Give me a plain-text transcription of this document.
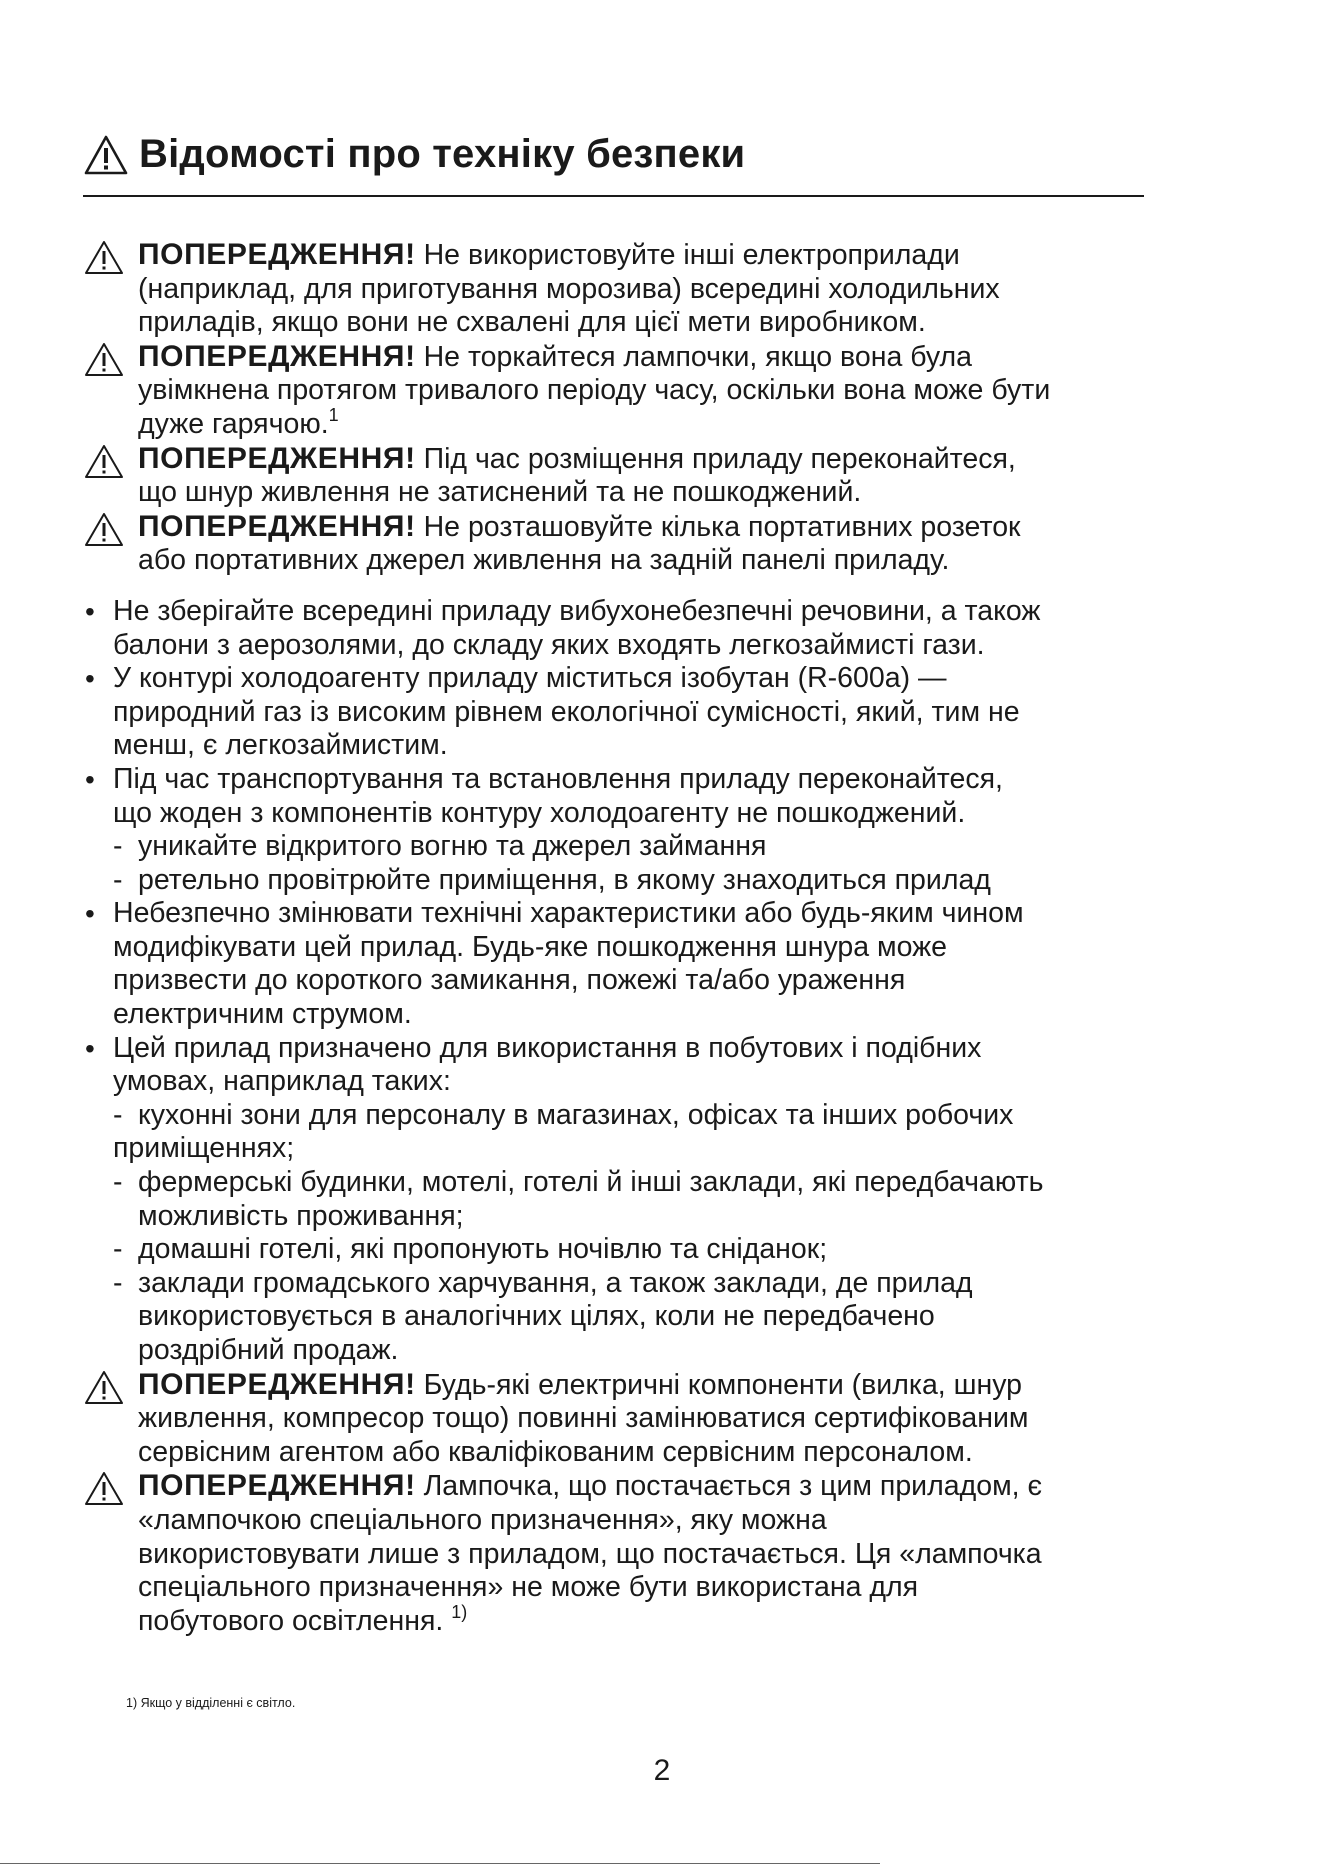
Відомості про техніку безпеки
ПОПЕРЕДЖЕННЯ! Не використовуйте інші електроприлади
(наприклад, для приготування морозива) всередині холодильних
приладів, якщо вони не схвалені для цієї мети виробником.
ПОПЕРЕДЖЕННЯ! Не торкайтеся лампочки, якщо вона була
увімкнена протягом тривалого періоду часу, оскільки вона може бути
дуже гарячою.$^1$
ПОПЕРЕДЖЕННЯ! Під час розміщення приладу переконайтеся,
що шнур живлення не затиснений та не пошкоджений.
ПОПЕРЕДЖЕННЯ! Не розташовуйте кілька портативних розеток
або портативних джерел живлення на задній панелі приладу.
• Не зберігайте всередині приладу вибухонебезпечні речовини, а також
балони з аерозолями, до складу яких входять легкозаймисті гази.
• У контурі холодоагенту приладу міститься ізобутан (R-600a) —
природний газ із високим рівнем екологічної сумісності, який, тим не
менш, є легкозаймистим.
• Під час транспортування та встановлення приладу переконайтеся,
що жоден з компонентів контуру холодоагенту не пошкоджений.
- уникайте відкритого вогню та джерел займання
- ретельно провітрюйте приміщення, в якому знаходиться прилад
• Небезпечно змінювати технічні характеристики або будь-яким чином
модифікувати цей прилад. Будь-яке пошкодження шнура може
призвести до короткого замикання, пожежі та/або ураження
електричним струмом.
• Цей прилад призначено для використання в побутових і подібних
умовах, наприклад таких:
- кухонні зони для персоналу в магазинах, офісах та інших робочих
приміщеннях;
- фермерські будинки, мотелі, готелі й інші заклади, які передбачають
можливість проживання;
- домашні готелі, які пропонують ночівлю та сніданок;
- заклади громадського харчування, а також заклади, де прилад
використовується в аналогічних цілях, коли не передбачено
роздрібний продаж.
ПОПЕРЕДЖЕННЯ! Будь-які електричні компоненти (вилка, шнур
живлення, компресор тощо) повинні замінюватися сертифікованим
сервісним агентом або кваліфікованим сервісним персоналом.
ПОПЕРЕДЖЕННЯ! Лампочка, що постачається з цим приладом, є
«лампочкою спеціального призначення», яку можна
використовувати лише з приладом, що постачається. Ця «лампочка
спеціального призначення» не може бути використана для
побутового освітлення. $^{1)}$
1) Якщо у відділенні є світло.
2
